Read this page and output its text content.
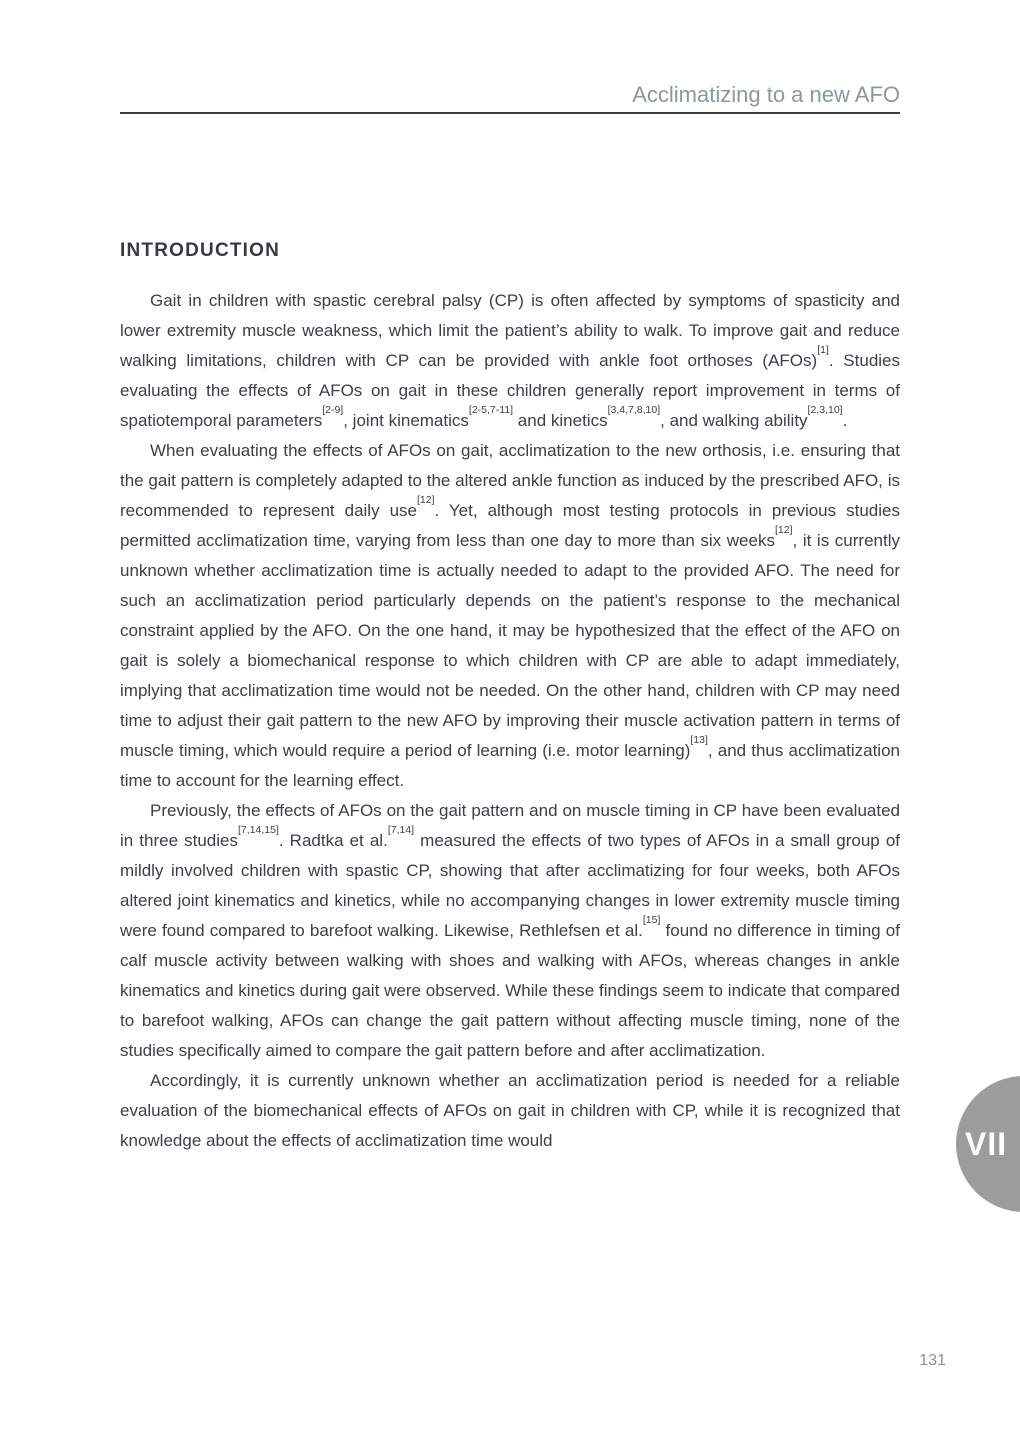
Acclimatizing to a new AFO
INTRODUCTION

Gait in children with spastic cerebral palsy (CP) is often affected by symptoms of spasticity and lower extremity muscle weakness, which limit the patient’s ability to walk. To improve gait and reduce walking limitations, children with CP can be provided with ankle foot orthoses (AFOs)[1]. Studies evaluating the effects of AFOs on gait in these children generally report improvement in terms of spatiotemporal parameters[2-9], joint kinematics[2-5,7-11] and kinetics[3,4,7,8,10], and walking ability[2,3,10].

When evaluating the effects of AFOs on gait, acclimatization to the new orthosis, i.e. ensuring that the gait pattern is completely adapted to the altered ankle function as induced by the prescribed AFO, is recommended to represent daily use[12]. Yet, although most testing protocols in previous studies permitted acclimatization time, varying from less than one day to more than six weeks[12], it is currently unknown whether acclimatization time is actually needed to adapt to the provided AFO. The need for such an acclimatization period particularly depends on the patient’s response to the mechanical constraint applied by the AFO. On the one hand, it may be hypothesized that the effect of the AFO on gait is solely a biomechanical response to which children with CP are able to adapt immediately, implying that acclimatization time would not be needed. On the other hand, children with CP may need time to adjust their gait pattern to the new AFO by improving their muscle activation pattern in terms of muscle timing, which would require a period of learning (i.e. motor learning)[13], and thus acclimatization time to account for the learning effect.

Previously, the effects of AFOs on the gait pattern and on muscle timing in CP have been evaluated in three studies[7,14,15]. Radtka et al.[7,14] measured the effects of two types of AFOs in a small group of mildly involved children with spastic CP, showing that after acclimatizing for four weeks, both AFOs altered joint kinematics and kinetics, while no accompanying changes in lower extremity muscle timing were found compared to barefoot walking. Likewise, Rethlefsen et al.[15] found no difference in timing of calf muscle activity between walking with shoes and walking with AFOs, whereas changes in ankle kinematics and kinetics during gait were observed. While these findings seem to indicate that compared to barefoot walking, AFOs can change the gait pattern without affecting muscle timing, none of the studies specifically aimed to compare the gait pattern before and after acclimatization.

Accordingly, it is currently unknown whether an acclimatization period is needed for a reliable evaluation of the biomechanical effects of AFOs on gait in children with CP, while it is recognized that knowledge about the effects of acclimatization time would	VII
131
